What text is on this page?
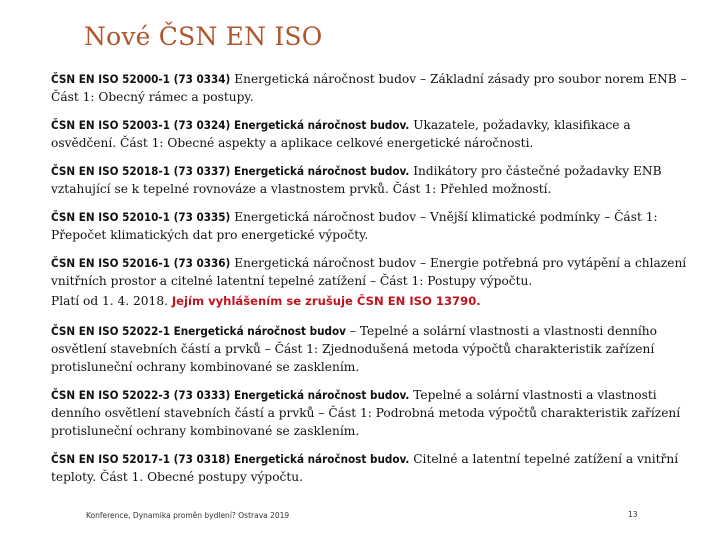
Nové ČSN EN ISO

ČSN EN ISO 52000-1 (73 0334) Energetická náročnost budov – Základní zásady pro soubor norem ENB – Část 1: Obecný rámec a postupy.

ČSN EN ISO 52003-1 (73 0324) Energetická náročnost budov. Ukazatele, požadavky, klasifikace a osvědčení. Část 1: Obecné aspekty a aplikace celkové energetické náročnosti.

ČSN EN ISO 52018-1 (73 0337) Energetická náročnost budov. Indikátory pro částečné požadavky ENB vztahující se k tepelné rovnováze a vlastnostem prvků. Část 1: Přehled možností.

ČSN EN ISO 52010-1 (73 0335) Energetická náročnost budov – Vnější klimatické podmínky – Část 1: Přepočet klimatických dat pro energetické výpočty.

ČSN EN ISO 52016-1 (73 0336) Energetická náročnost budov – Energie potřebná pro vytápění a chlazení vnitřních prostor a citelné latentní tepelné zatížení – Část 1: Postupy výpočtu.

Platí od 1. 4. 2018. Jejím vyhlášením se zrušuje ČSN EN ISO 13790.

ČSN EN ISO 52022-1 Energetická náročnost budov – Tepelné a solární vlastnosti a vlastnosti denního osvětlení stavebních částí a prvků – Část 1: Zjednodušená metoda výpočtů charakteristik zařízení protisluneční ochrany kombinované se zasklením.

ČSN EN ISO 52022-3 (73 0333) Energetická náročnost budov. Tepelné a solární vlastnosti a vlastnosti denního osvětlení stavebních částí a prvků – Část 1: Podrobná metoda výpočtů charakteristik zařízení protisluneční ochrany kombinované se zasklením.

ČSN EN ISO 52017-1 (73 0318) Energetická náročnost budov. Citelné a latentní tepelné zatížení a vnitřní teploty. Část 1. Obecné postupy výpočtu.

Konference, Dynamika proměn bydlení? Ostrava 2019	13
